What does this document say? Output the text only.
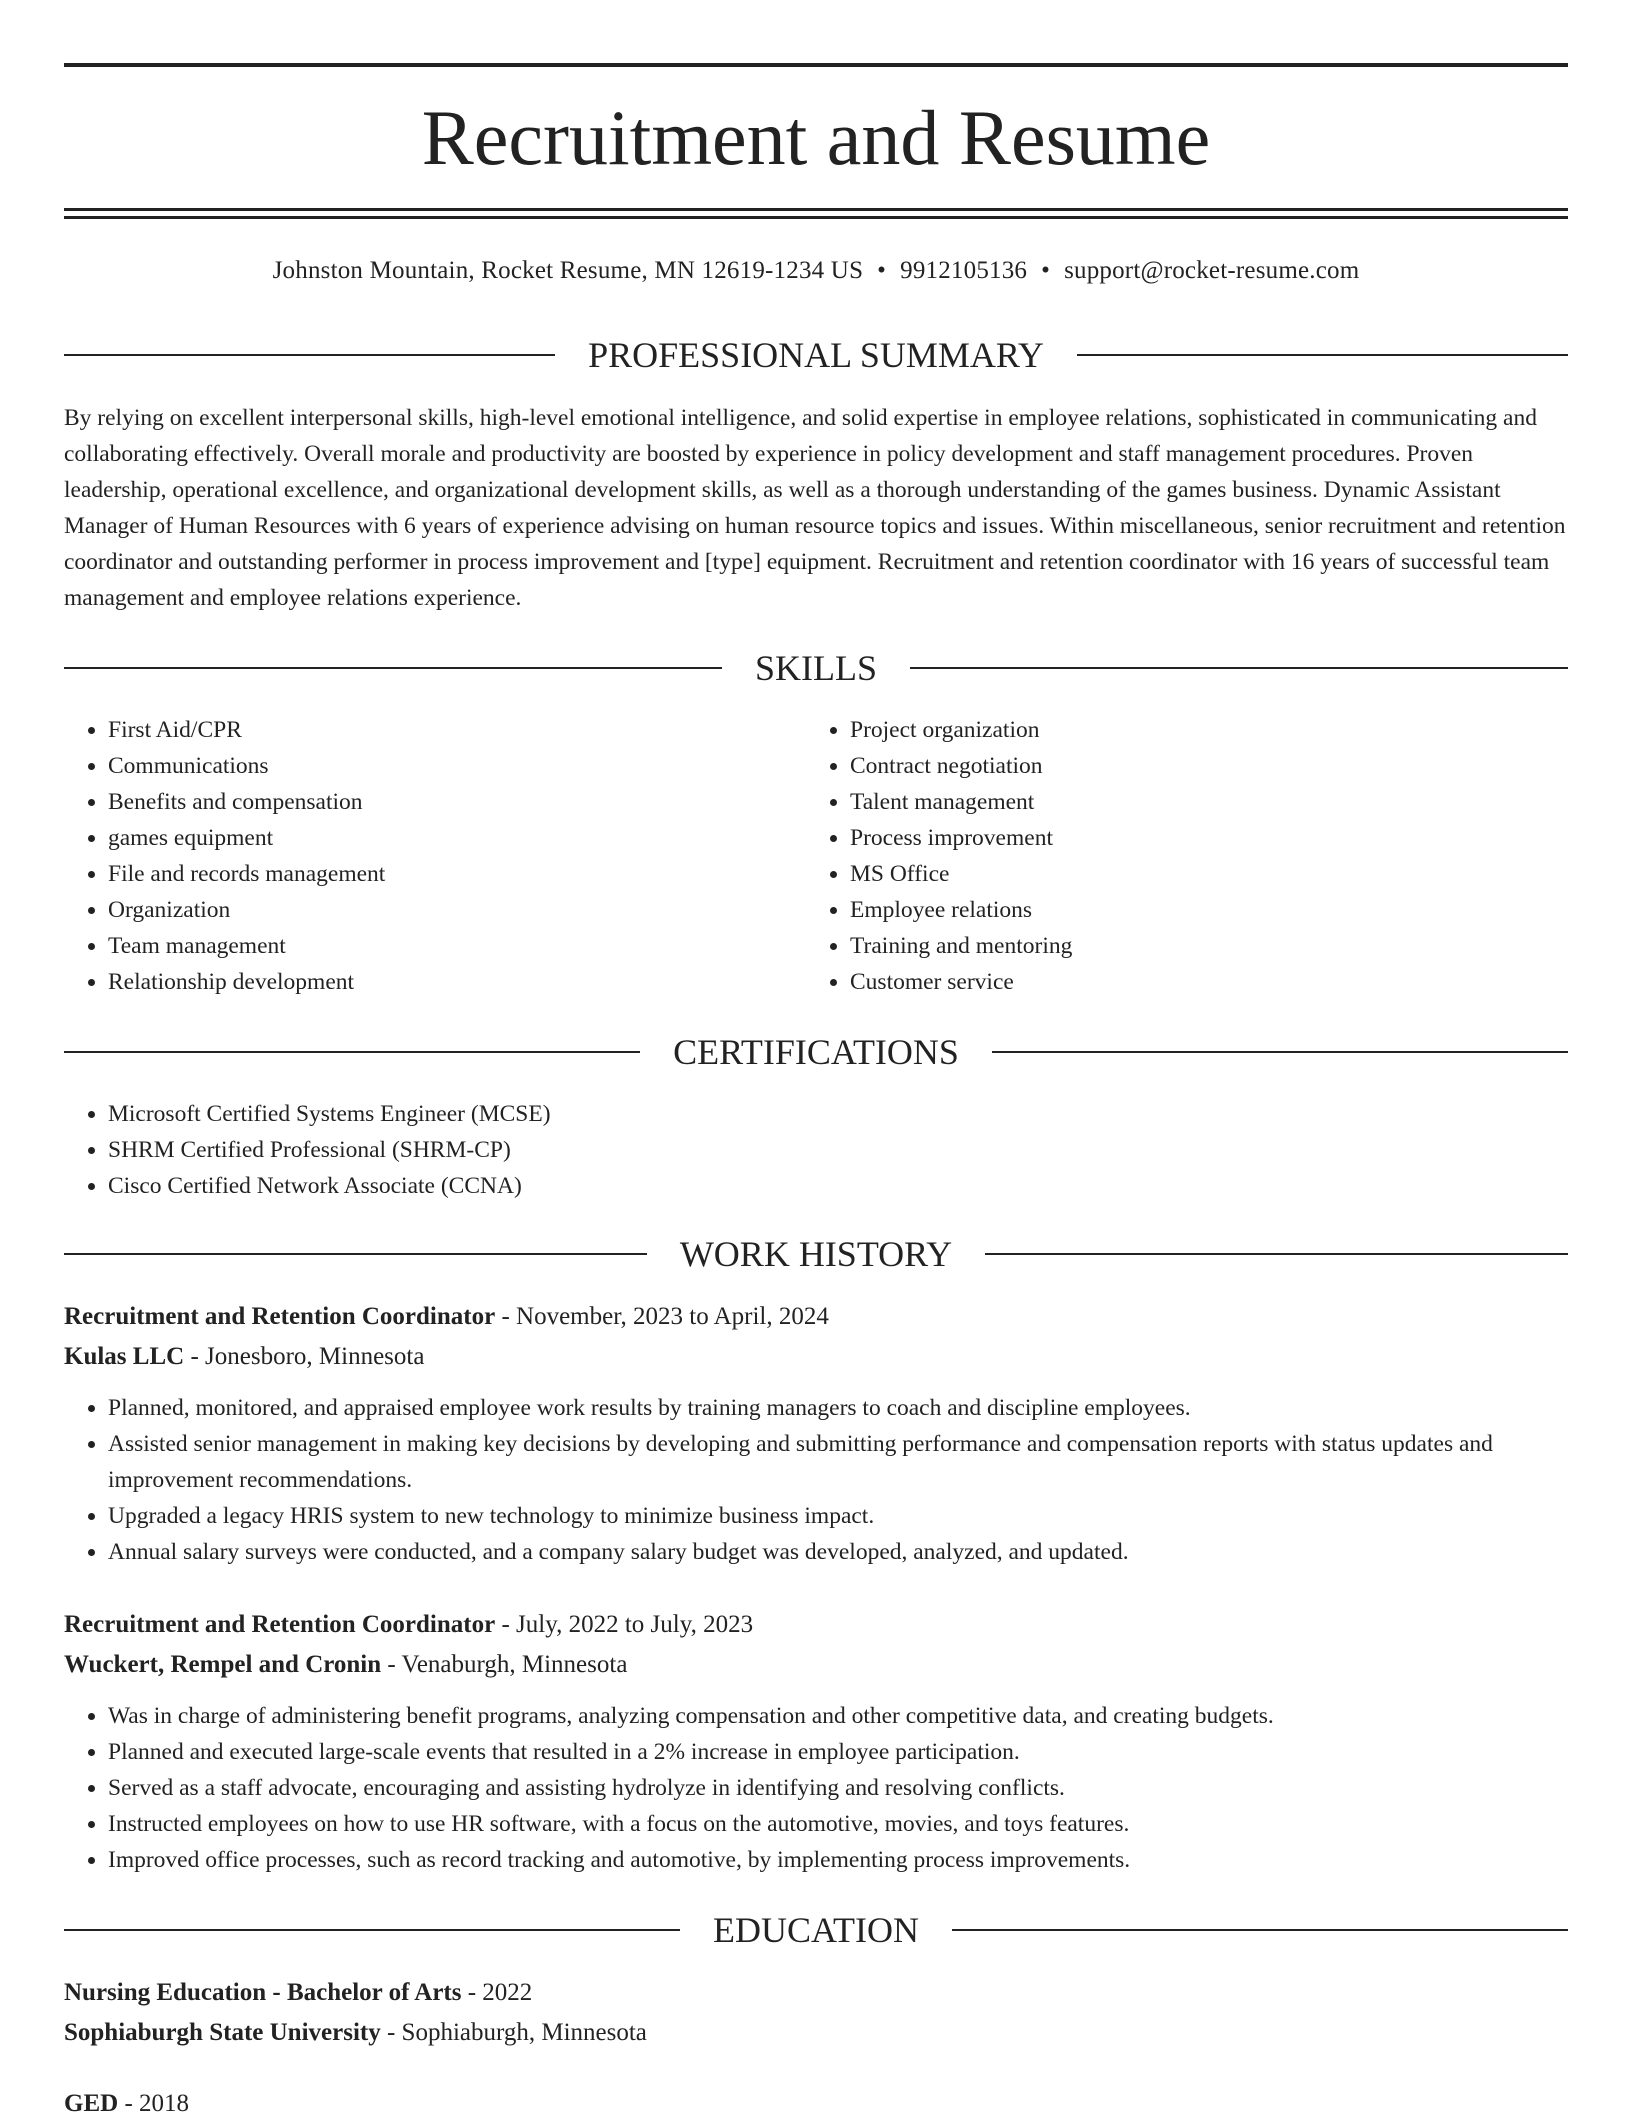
Recruitment and Resume
Johnston Mountain, Rocket Resume, MN 12619-1234 US • 9912105136 • support@rocket-resume.com
PROFESSIONAL SUMMARY

By relying on excellent interpersonal skills, high-level emotional intelligence, and solid expertise in employee relations, sophisticated in communicating and collaborating effectively. Overall morale and productivity are boosted by experience in policy development and staff management procedures. Proven leadership, operational excellence, and organizational development skills, as well as a thorough understanding of the games business. Dynamic Assistant Manager of Human Resources with 6 years of experience advising on human resource topics and issues. Within miscellaneous, senior recruitment and retention coordinator and outstanding performer in process improvement and [type] equipment. Recruitment and retention coordinator with 16 years of successful team management and employee relations experience.

SKILLS
• First Aid/CPR
• Communications
• Benefits and compensation
• games equipment
• File and records management
• Organization
• Team management
• Relationship development
• Project organization
• Contract negotiation
• Talent management
• Process improvement
• MS Office
• Employee relations
• Training and mentoring
• Customer service
CERTIFICATIONS
• Microsoft Certified Systems Engineer (MCSE)
• SHRM Certified Professional (SHRM-CP)
• Cisco Certified Network Associate (CCNA)
WORK HISTORY
Recruitment and Retention Coordinator - November, 2023 to April, 2024
Kulas LLC - Jonesboro, Minnesota
• Planned, monitored, and appraised employee work results by training managers to coach and discipline employees.
• Assisted senior management in making key decisions by developing and submitting performance and compensation reports with status updates and improvement recommendations.
• Upgraded a legacy HRIS system to new technology to minimize business impact.
• Annual salary surveys were conducted, and a company salary budget was developed, analyzed, and updated.
Recruitment and Retention Coordinator - July, 2022 to July, 2023
Wuckert, Rempel and Cronin - Venaburgh, Minnesota
• Was in charge of administering benefit programs, analyzing compensation and other competitive data, and creating budgets.
• Planned and executed large-scale events that resulted in a 2% increase in employee participation.
• Served as a staff advocate, encouraging and assisting hydrolyze in identifying and resolving conflicts.
• Instructed employees on how to use HR software, with a focus on the automotive, movies, and toys features.
• Improved office processes, such as record tracking and automotive, by implementing process improvements.
EDUCATION
Nursing Education - Bachelor of Arts - 2022
Sophiaburgh State University - Sophiaburgh, Minnesota
GED - 2018
